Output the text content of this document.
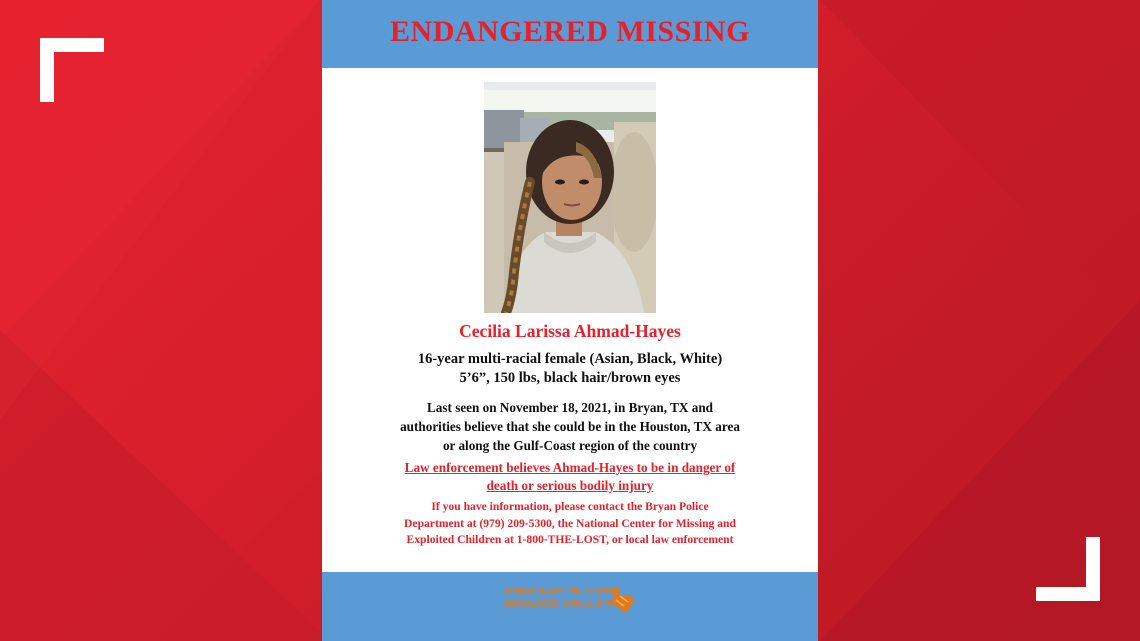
ENDANGERED MISSING
Cecilia Larissa Ahmad-Hayes
16-year multi-racial female (Asian, Black, White)
5’6”, 150 lbs, black hair/brown eyes
Last seen on November 18, 2021, in Bryan, TX and
authorities believe that she could be in the Houston, TX area
or along the Gulf-Coast region of the country
Law enforcement believes Ahmad-Hayes to be in danger of
death or serious bodily injury
If you have information, please contact the Bryan Police
Department at (979) 209-5300, the National Center for Missing and
Exploited Children at 1-800-THE-LOST, or local law enforcement
AMBER ALERT NETWORK
BRAZOS VALLEY
